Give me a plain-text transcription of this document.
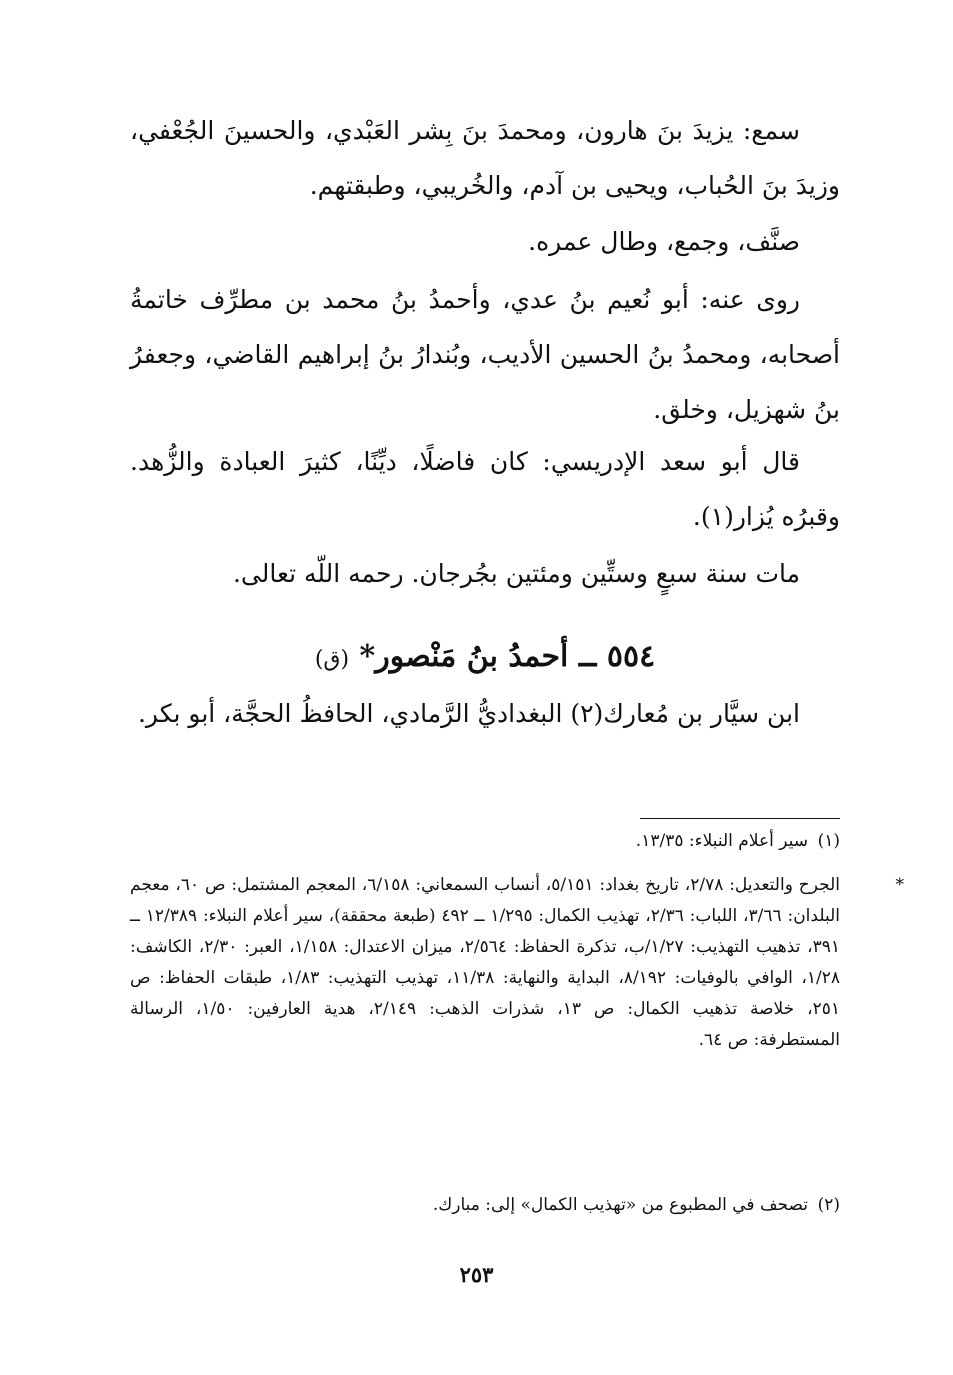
سمع: يزيدَ بنَ هارون، ومحمدَ بنَ بِشر العَبْدي، والحسينَ الجُعْفي، وزيدَ بنَ الحُباب، ويحيى بن آدم، والخُريبي، وطبقتهم.
صنَّف، وجمع، وطال عمره.
روى عنه: أبو نُعيم بنُ عدي، وأحمدُ بنُ محمد بن مطرِّف خاتمةُ أصحابه، ومحمدُ بنُ الحسين الأديب، وبُندارُ بنُ إبراهيم القاضي، وجعفرُ بنُ شهزيل، وخلق.
قال أبو سعد الإدريسي: كان فاضلًا، ديِّنًا، كثيرَ العبادة والزُّهد. وقبرُه يُزار(١).
مات سنة سبعٍ وستِّين ومئتين بجُرجان. رحمه اللّه تعالى.
٥٥٤ ــ أحمدُ بنُ مَنْصور* (ق)
ابن سيَّار بن مُعارك(٢) البغداديُّ الرَّمادي، الحافظُ الحجَّة، أبو بكر.
(١)سير أعلام النبلاء: ١٣/٣٥.
*الجرح والتعديل: ٢/٧٨، تاريخ بغداد: ٥/١٥١، أنساب السمعاني: ٦/١٥٨، المعجم المشتمل: ص ٦٠، معجم البلدان: ٣/٦٦، اللباب: ٢/٣٦، تهذيب الكمال: ١/٢٩٥ ــ ٤٩٢ (طبعة محققة)، سير أعلام النبلاء: ١٢/٣٨٩ ــ ٣٩١، تذهيب التهذيب: ١/٢٧/ب، تذكرة الحفاظ: ٢/٥٦٤، ميزان الاعتدال: ١/١٥٨، العبر: ٢/٣٠، الكاشف: ١/٢٨، الوافي بالوفيات: ٨/١٩٢، البداية والنهاية: ١١/٣٨، تهذيب التهذيب: ١/٨٣، طبقات الحفاظ: ص ٢٥١، خلاصة تذهيب الكمال: ص ١٣، شذرات الذهب: ٢/١٤٩، هدية العارفين: ١/٥٠، الرسالة المستطرفة: ص ٦٤.
(٢)تصحف في المطبوع من «تهذيب الكمال» إلى: مبارك.
٢٥٣
